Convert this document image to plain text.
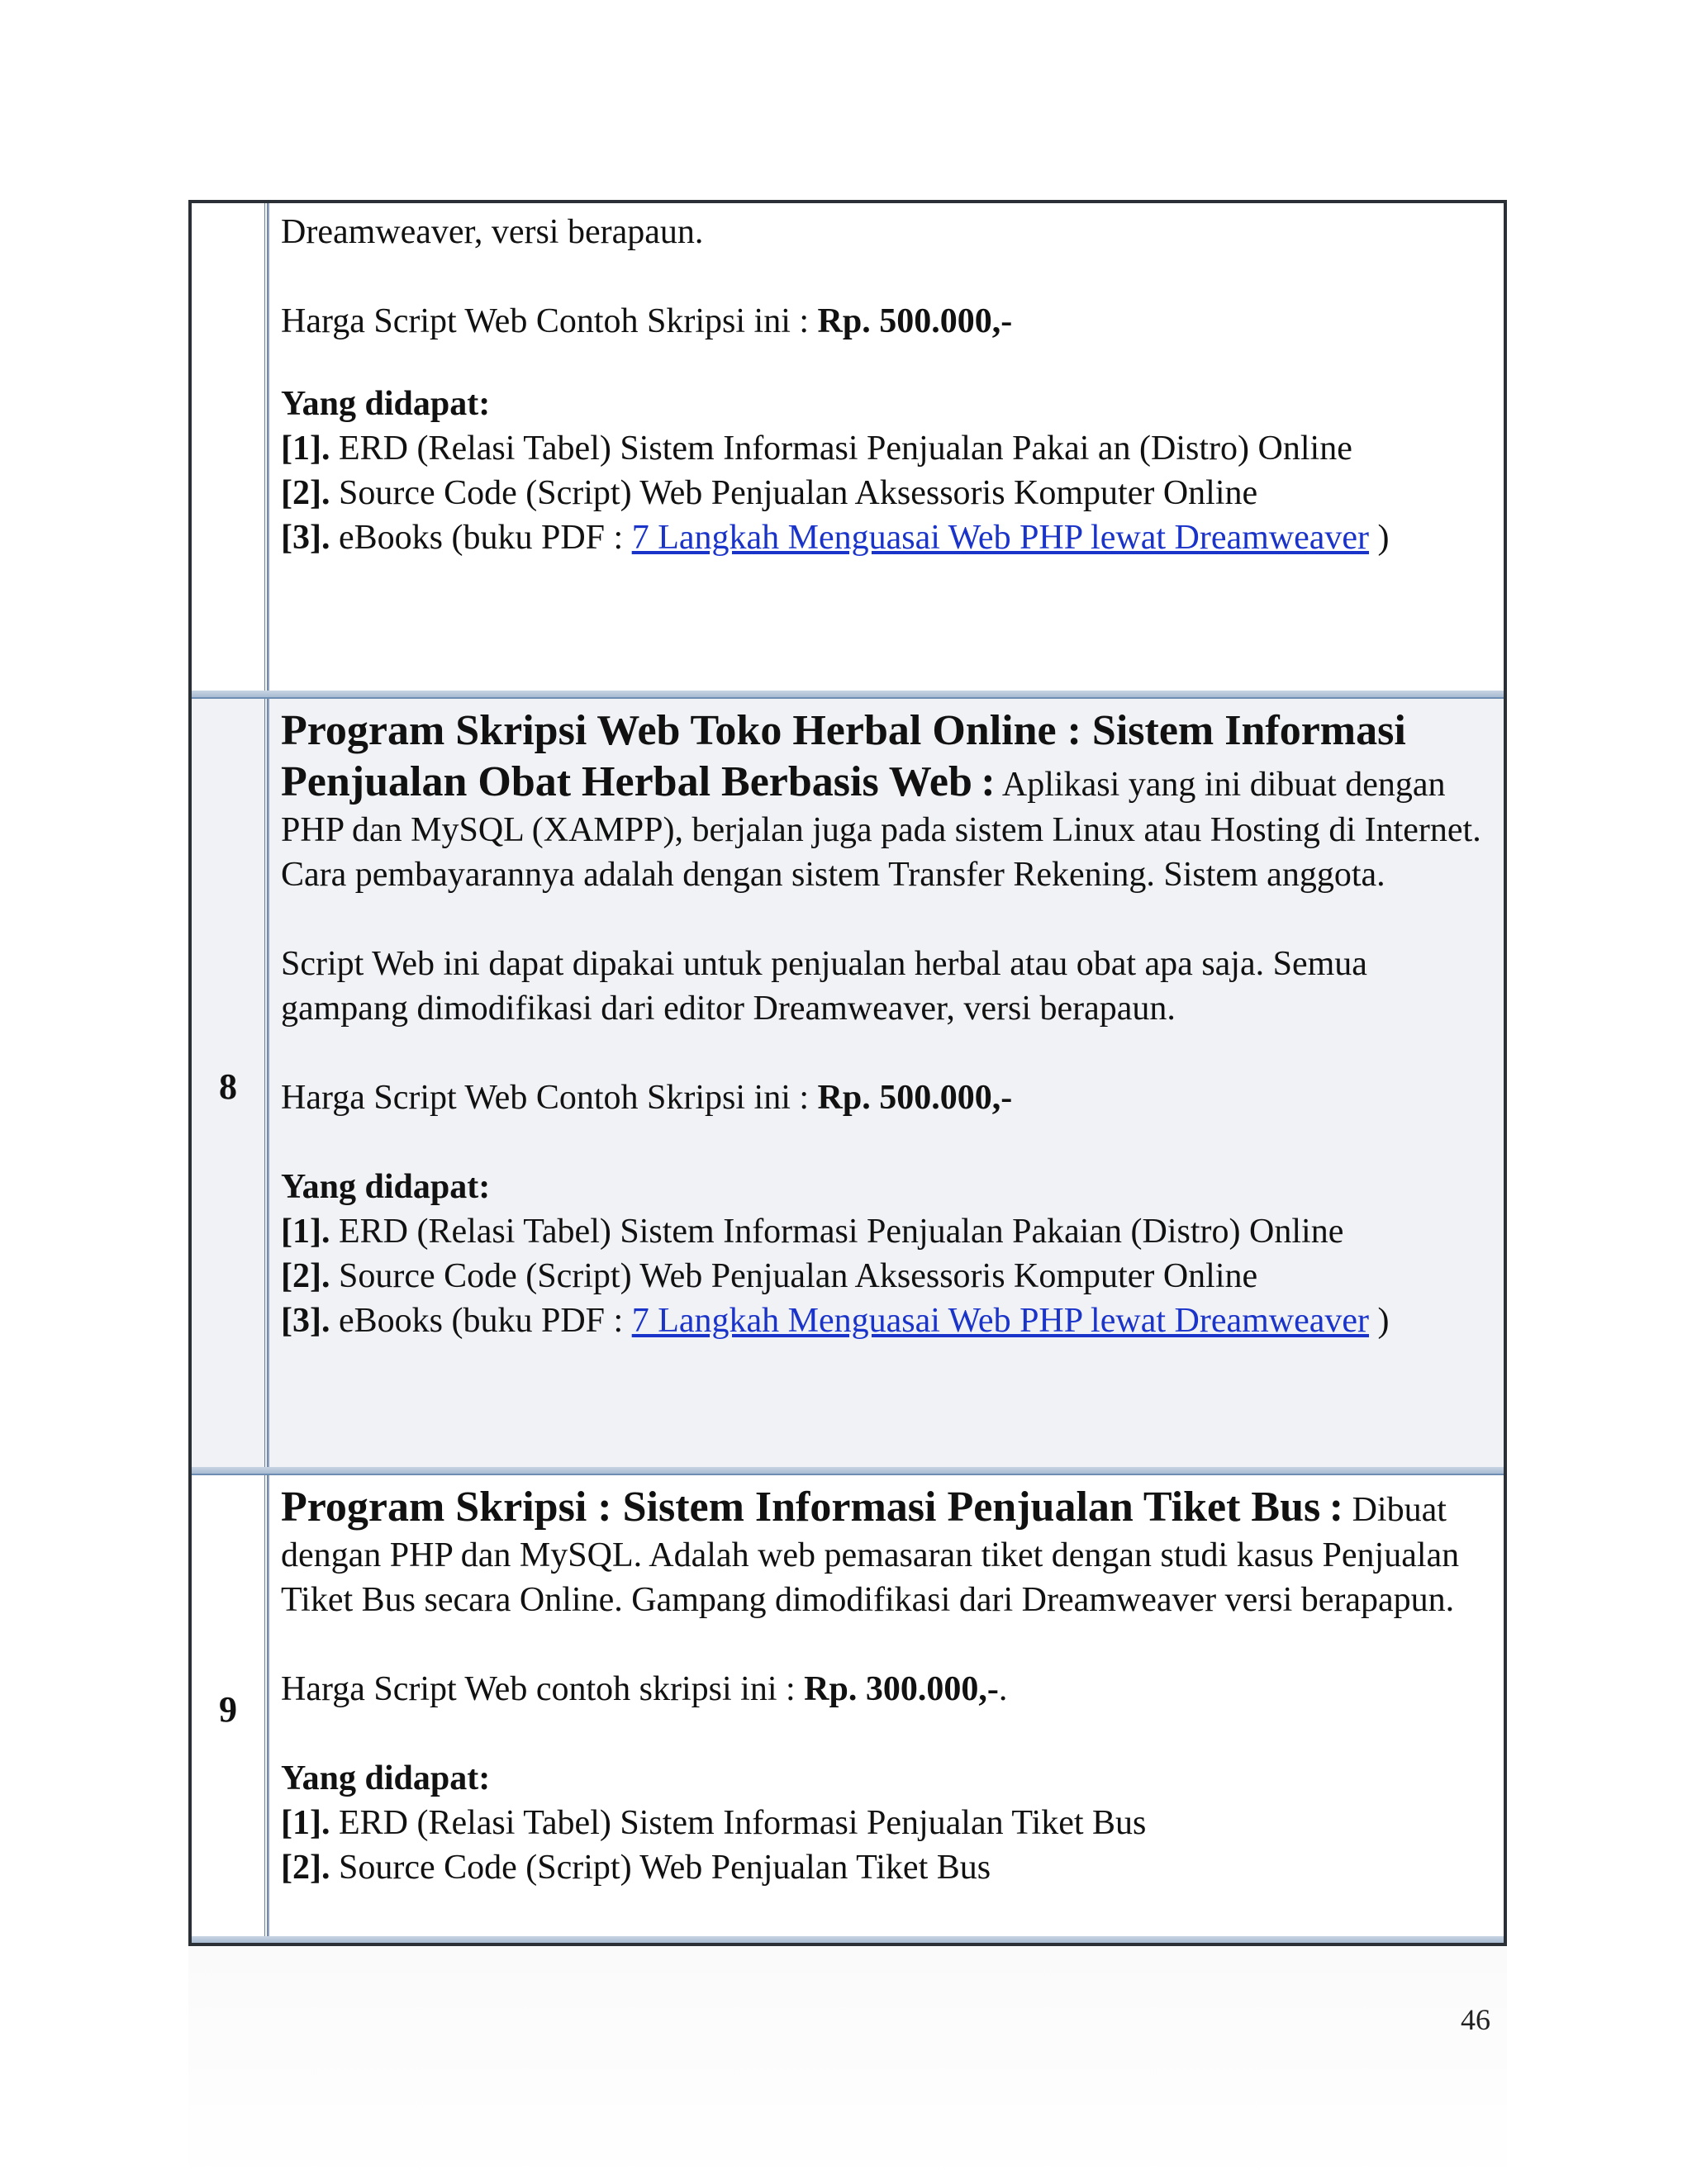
Dreamweaver, versi berapaun.

Harga Script Web Contoh Skripsi ini : Rp. 500.000,-

Yang didapat:

[1]. ERD (Relasi Tabel) Sistem Informasi Penjualan Pakai an (Distro) Online

[2]. Source Code (Script) Web Penjualan Aksessoris Komputer Online

[3]. eBooks (buku PDF : 7 Langkah Menguasai Web PHP lewat Dreamweaver )

8

Program Skripsi Web Toko Herbal Online : Sistem Informasi Penjualan Obat Herbal Berbasis Web : Aplikasi yang ini dibuat dengan PHP dan MySQL (XAMPP), berjalan juga pada sistem Linux atau Hosting di Internet. Cara pembayarannya adalah dengan sistem Transfer Rekening. Sistem anggota.

Script Web ini dapat dipakai untuk penjualan herbal atau obat apa saja. Semua gampang dimodifikasi dari editor Dreamweaver, versi berapaun.

Harga Script Web Contoh Skripsi ini : Rp. 500.000,-

Yang didapat:

[1]. ERD (Relasi Tabel) Sistem Informasi Penjualan Pakaian (Distro) Online

[2]. Source Code (Script) Web Penjualan Aksessoris Komputer Online

[3]. eBooks (buku PDF : 7 Langkah Menguasai Web PHP lewat Dreamweaver )

9

Program Skripsi : Sistem Informasi Penjualan Tiket Bus : Dibuat dengan PHP dan MySQL. Adalah web pemasaran tiket dengan studi kasus Penjualan Tiket Bus secara Online. Gampang dimodifikasi dari Dreamweaver versi berapapun.

Harga Script Web contoh skripsi ini : Rp. 300.000,-.

Yang didapat:

[1]. ERD (Relasi Tabel) Sistem Informasi Penjualan Tiket Bus

[2]. Source Code (Script) Web Penjualan Tiket Bus

46
